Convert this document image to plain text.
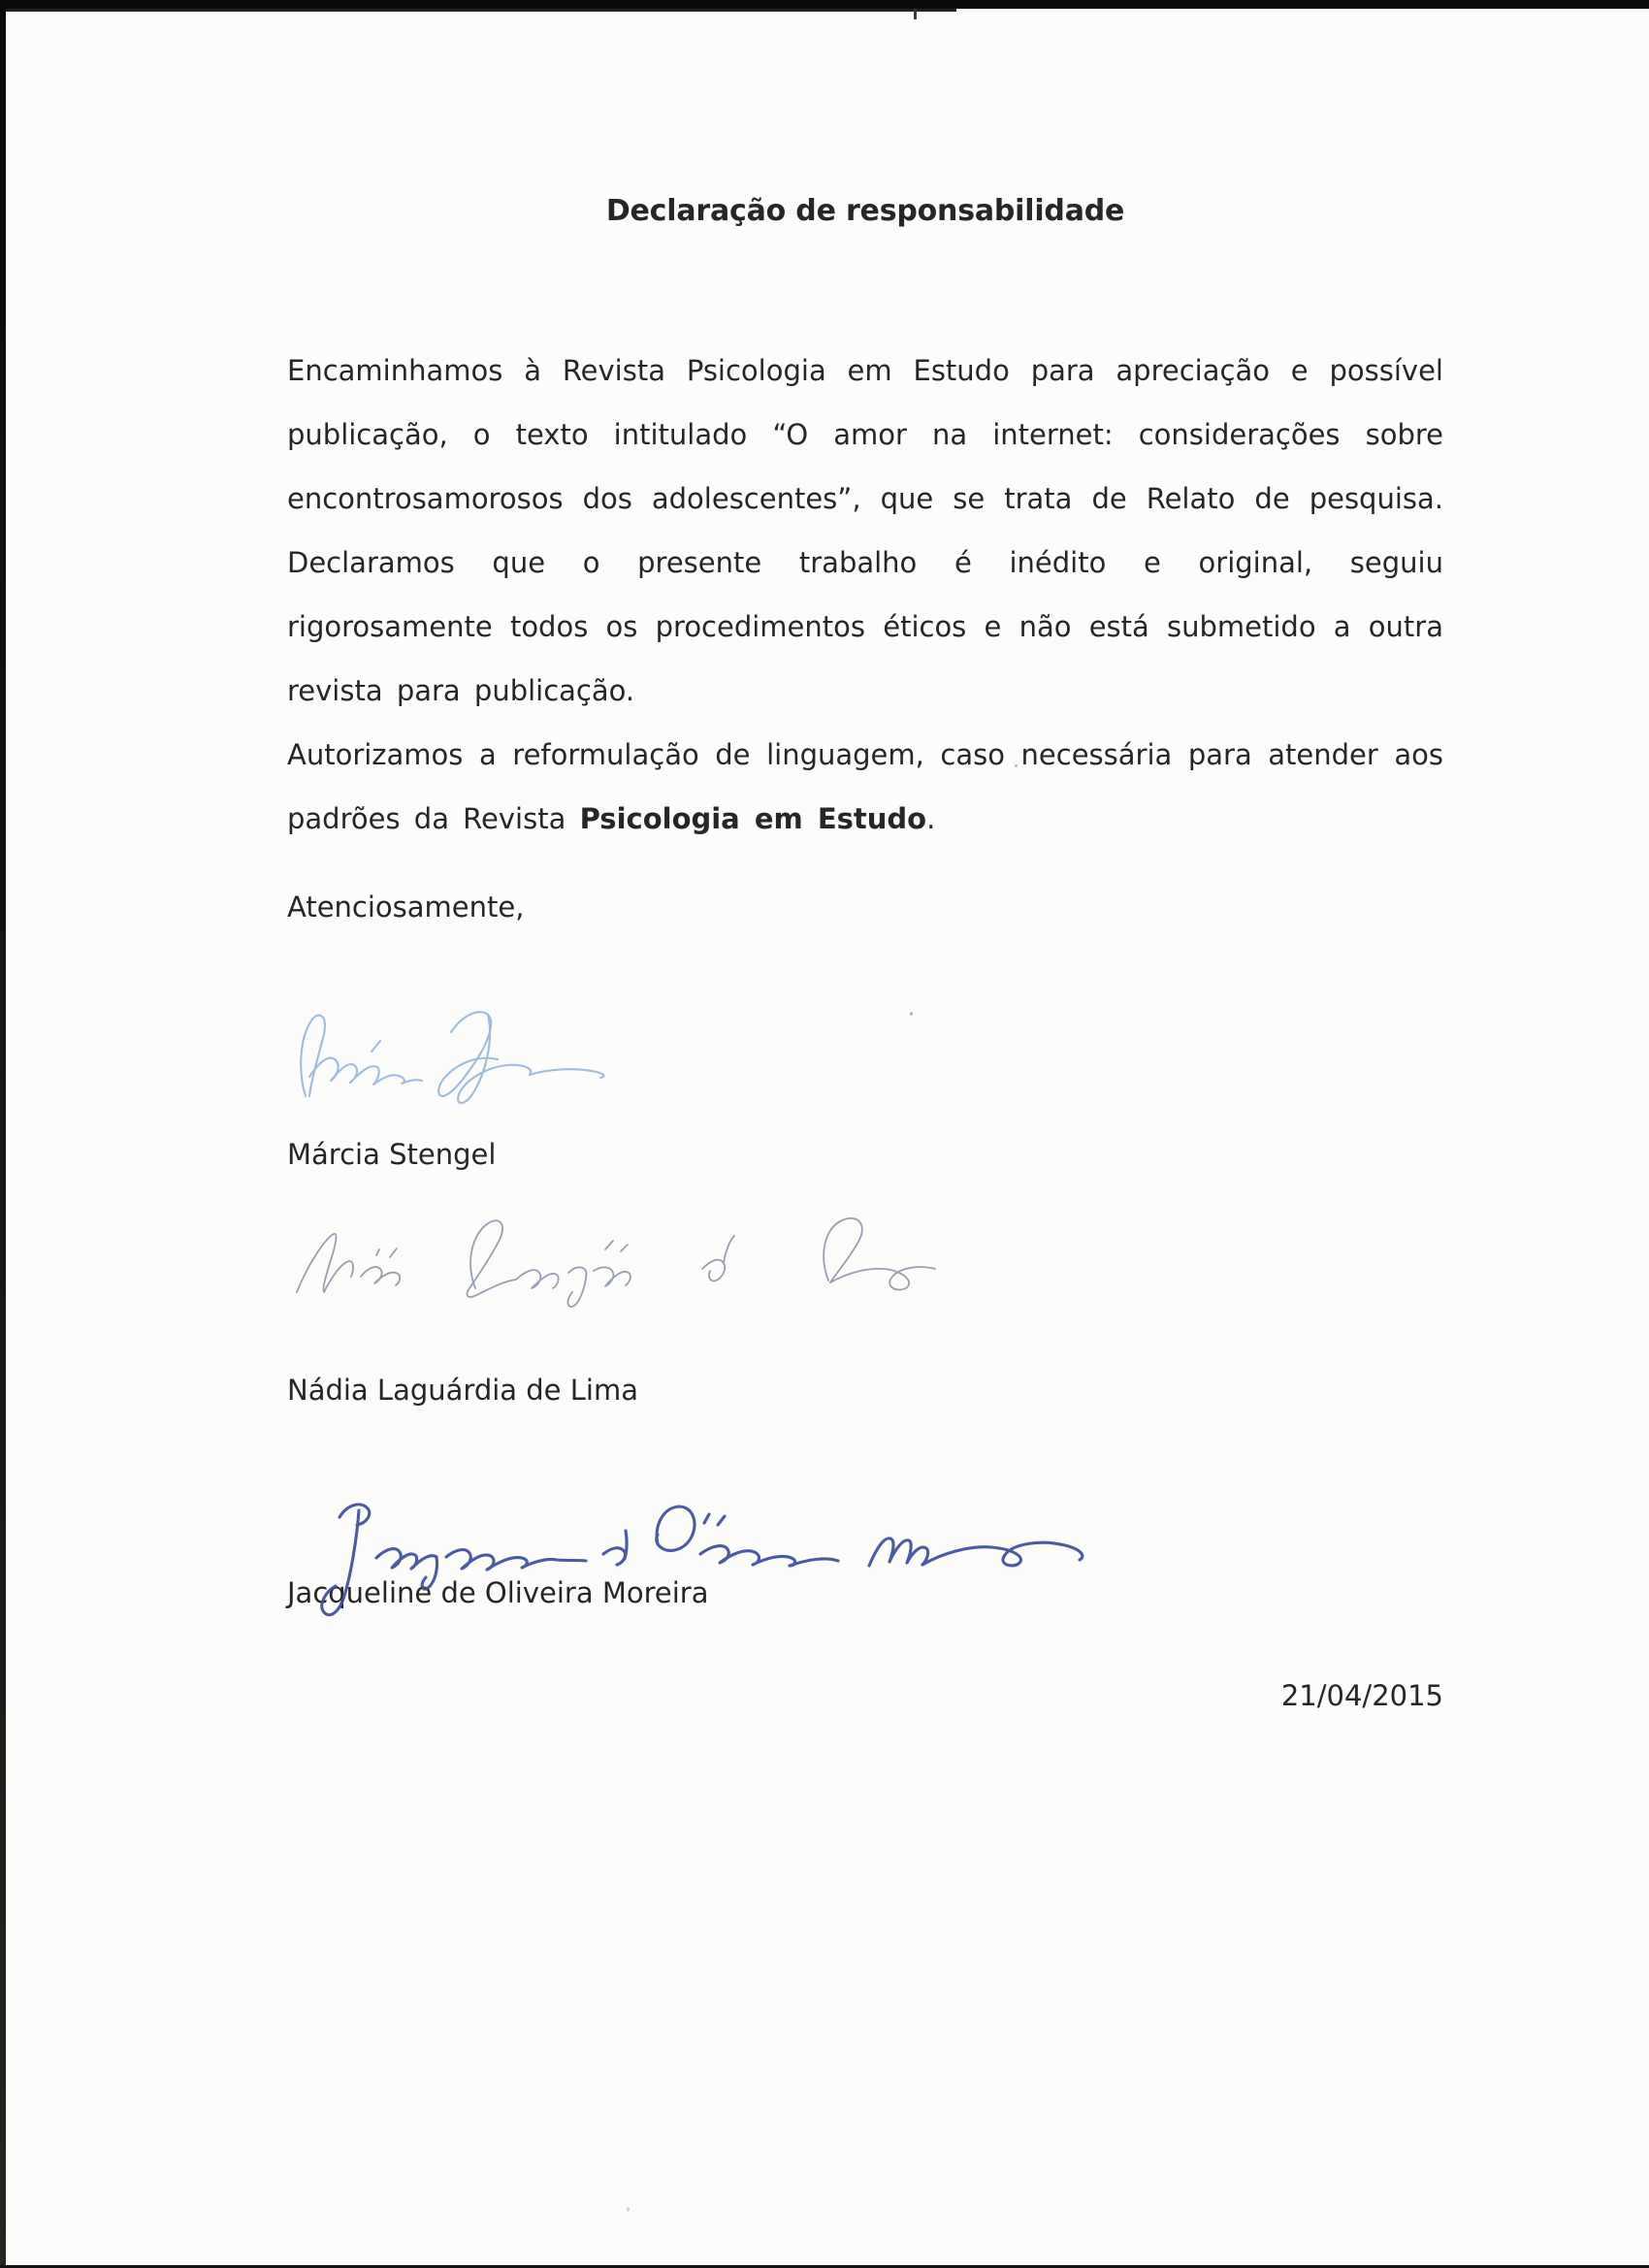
Declaração de responsabilidade

Encaminhamos à Revista Psicologia em Estudo para apreciação e possível publicação, o texto intitulado “O amor na internet: considerações sobre encontrosamorosos dos adolescentes”, que se trata de Relato de pesquisa. Declaramos que o presente trabalho é inédito e original, seguiu rigorosamente todos os procedimentos éticos e não está submetido a outra revista para publicação.

Autorizamos a reformulação de linguagem, caso necessária para atender aos padrões da Revista Psicologia em Estudo.

Atenciosamente,

Márcia Stengel

Nádia Laguárdia de Lima

Jacqueline de Oliveira Moreira

21/04/2015
